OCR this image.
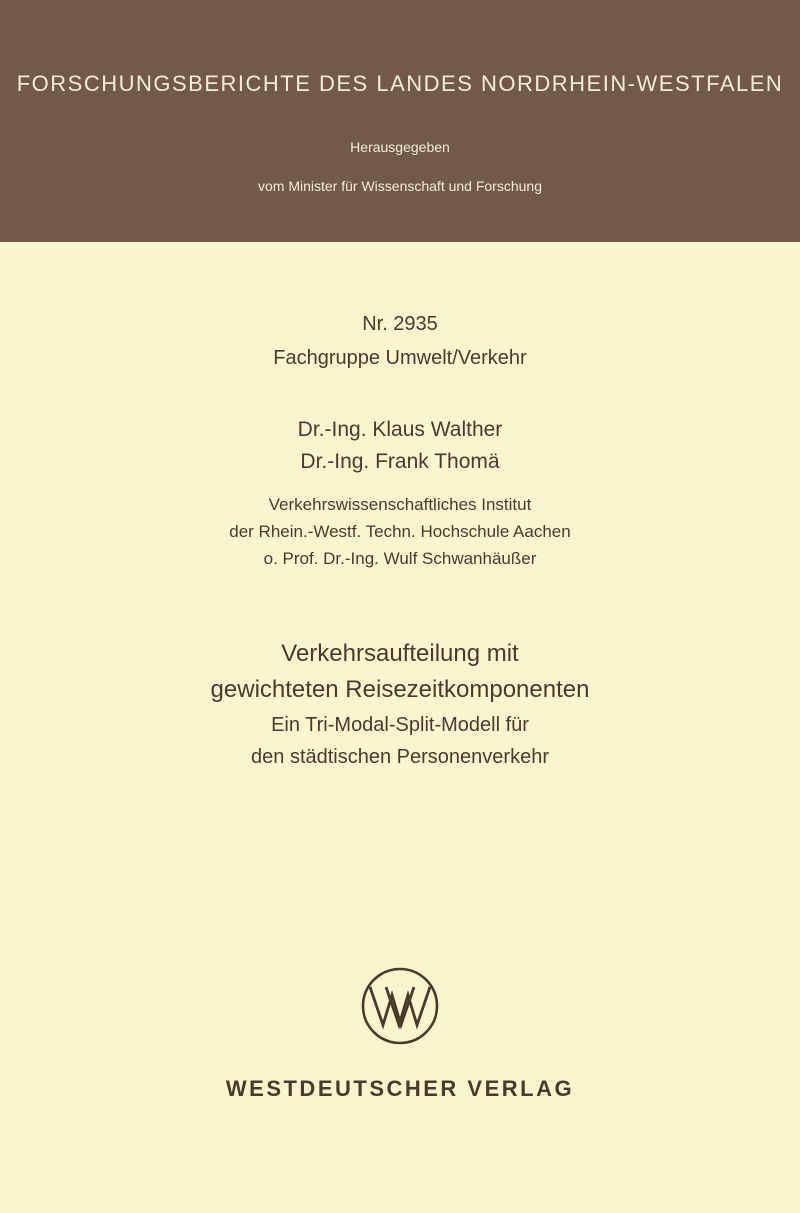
FORSCHUNGSBERICHTE DES LANDES NORDRHEIN-WESTFALEN
Herausgegeben
vom Minister für Wissenschaft und Forschung
Nr. 2935
Fachgruppe Umwelt/Verkehr
Dr.-Ing. Klaus Walther
Dr.-Ing. Frank Thomä
Verkehrswissenschaftliches Institut
der Rhein.-Westf. Techn. Hochschule Aachen
o. Prof. Dr.-Ing. Wulf Schwanhäußer
Verkehrsaufteilung mit
gewichteten Reisezeitkomponenten
Ein Tri-Modal-Split-Modell für
den städtischen Personenverkehr
WESTDEUTSCHER VERLAG
